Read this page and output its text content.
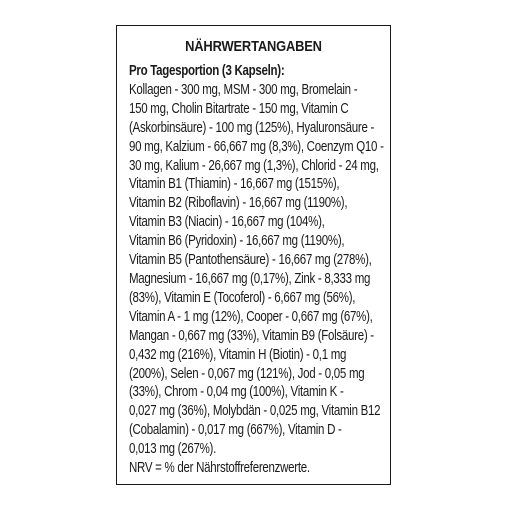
NÄHRWERTANGABEN
Pro Tagesportion (3 Kapseln):
Kollagen - 300 mg, MSM - 300 mg, Bromelain -
150 mg, Cholin Bitartrate - 150 mg, Vitamin C
(Askorbinsäure) - 100 mg (125%), Hyaluronsäure -
90 mg, Kalzium - 66,667 mg (8,3%), Coenzym Q10 -
30 mg, Kalium - 26,667 mg (1,3%), Chlorid - 24 mg,
Vitamin B1 (Thiamin) - 16,667 mg (1515%),
Vitamin B2 (Riboflavin) - 16,667 mg (1190%),
Vitamin B3 (Niacin) - 16,667 mg (104%),
Vitamin B6 (Pyridoxin) - 16,667 mg (1190%),
Vitamin B5 (Pantothensäure) - 16,667 mg (278%),
Magnesium - 16,667 mg (0,17%), Zink - 8,333 mg
(83%), Vitamin E (Tocoferol) - 6,667 mg (56%),
Vitamin A - 1 mg (12%), Cooper - 0,667 mg (67%),
Mangan - 0,667 mg (33%), Vitamin B9 (Folsäure) -
0,432 mg (216%), Vitamin H (Biotin) - 0,1 mg
(200%), Selen - 0,067 mg (121%), Jod - 0,05 mg
(33%), Chrom - 0,04 mg (100%), Vitamin K -
0,027 mg (36%), Molybdän - 0,025 mg, Vitamin B12
(Cobalamin) - 0,017 mg (667%), Vitamin D -
0,013 mg (267%).
NRV = % der Nährstoffreferenzwerte.
